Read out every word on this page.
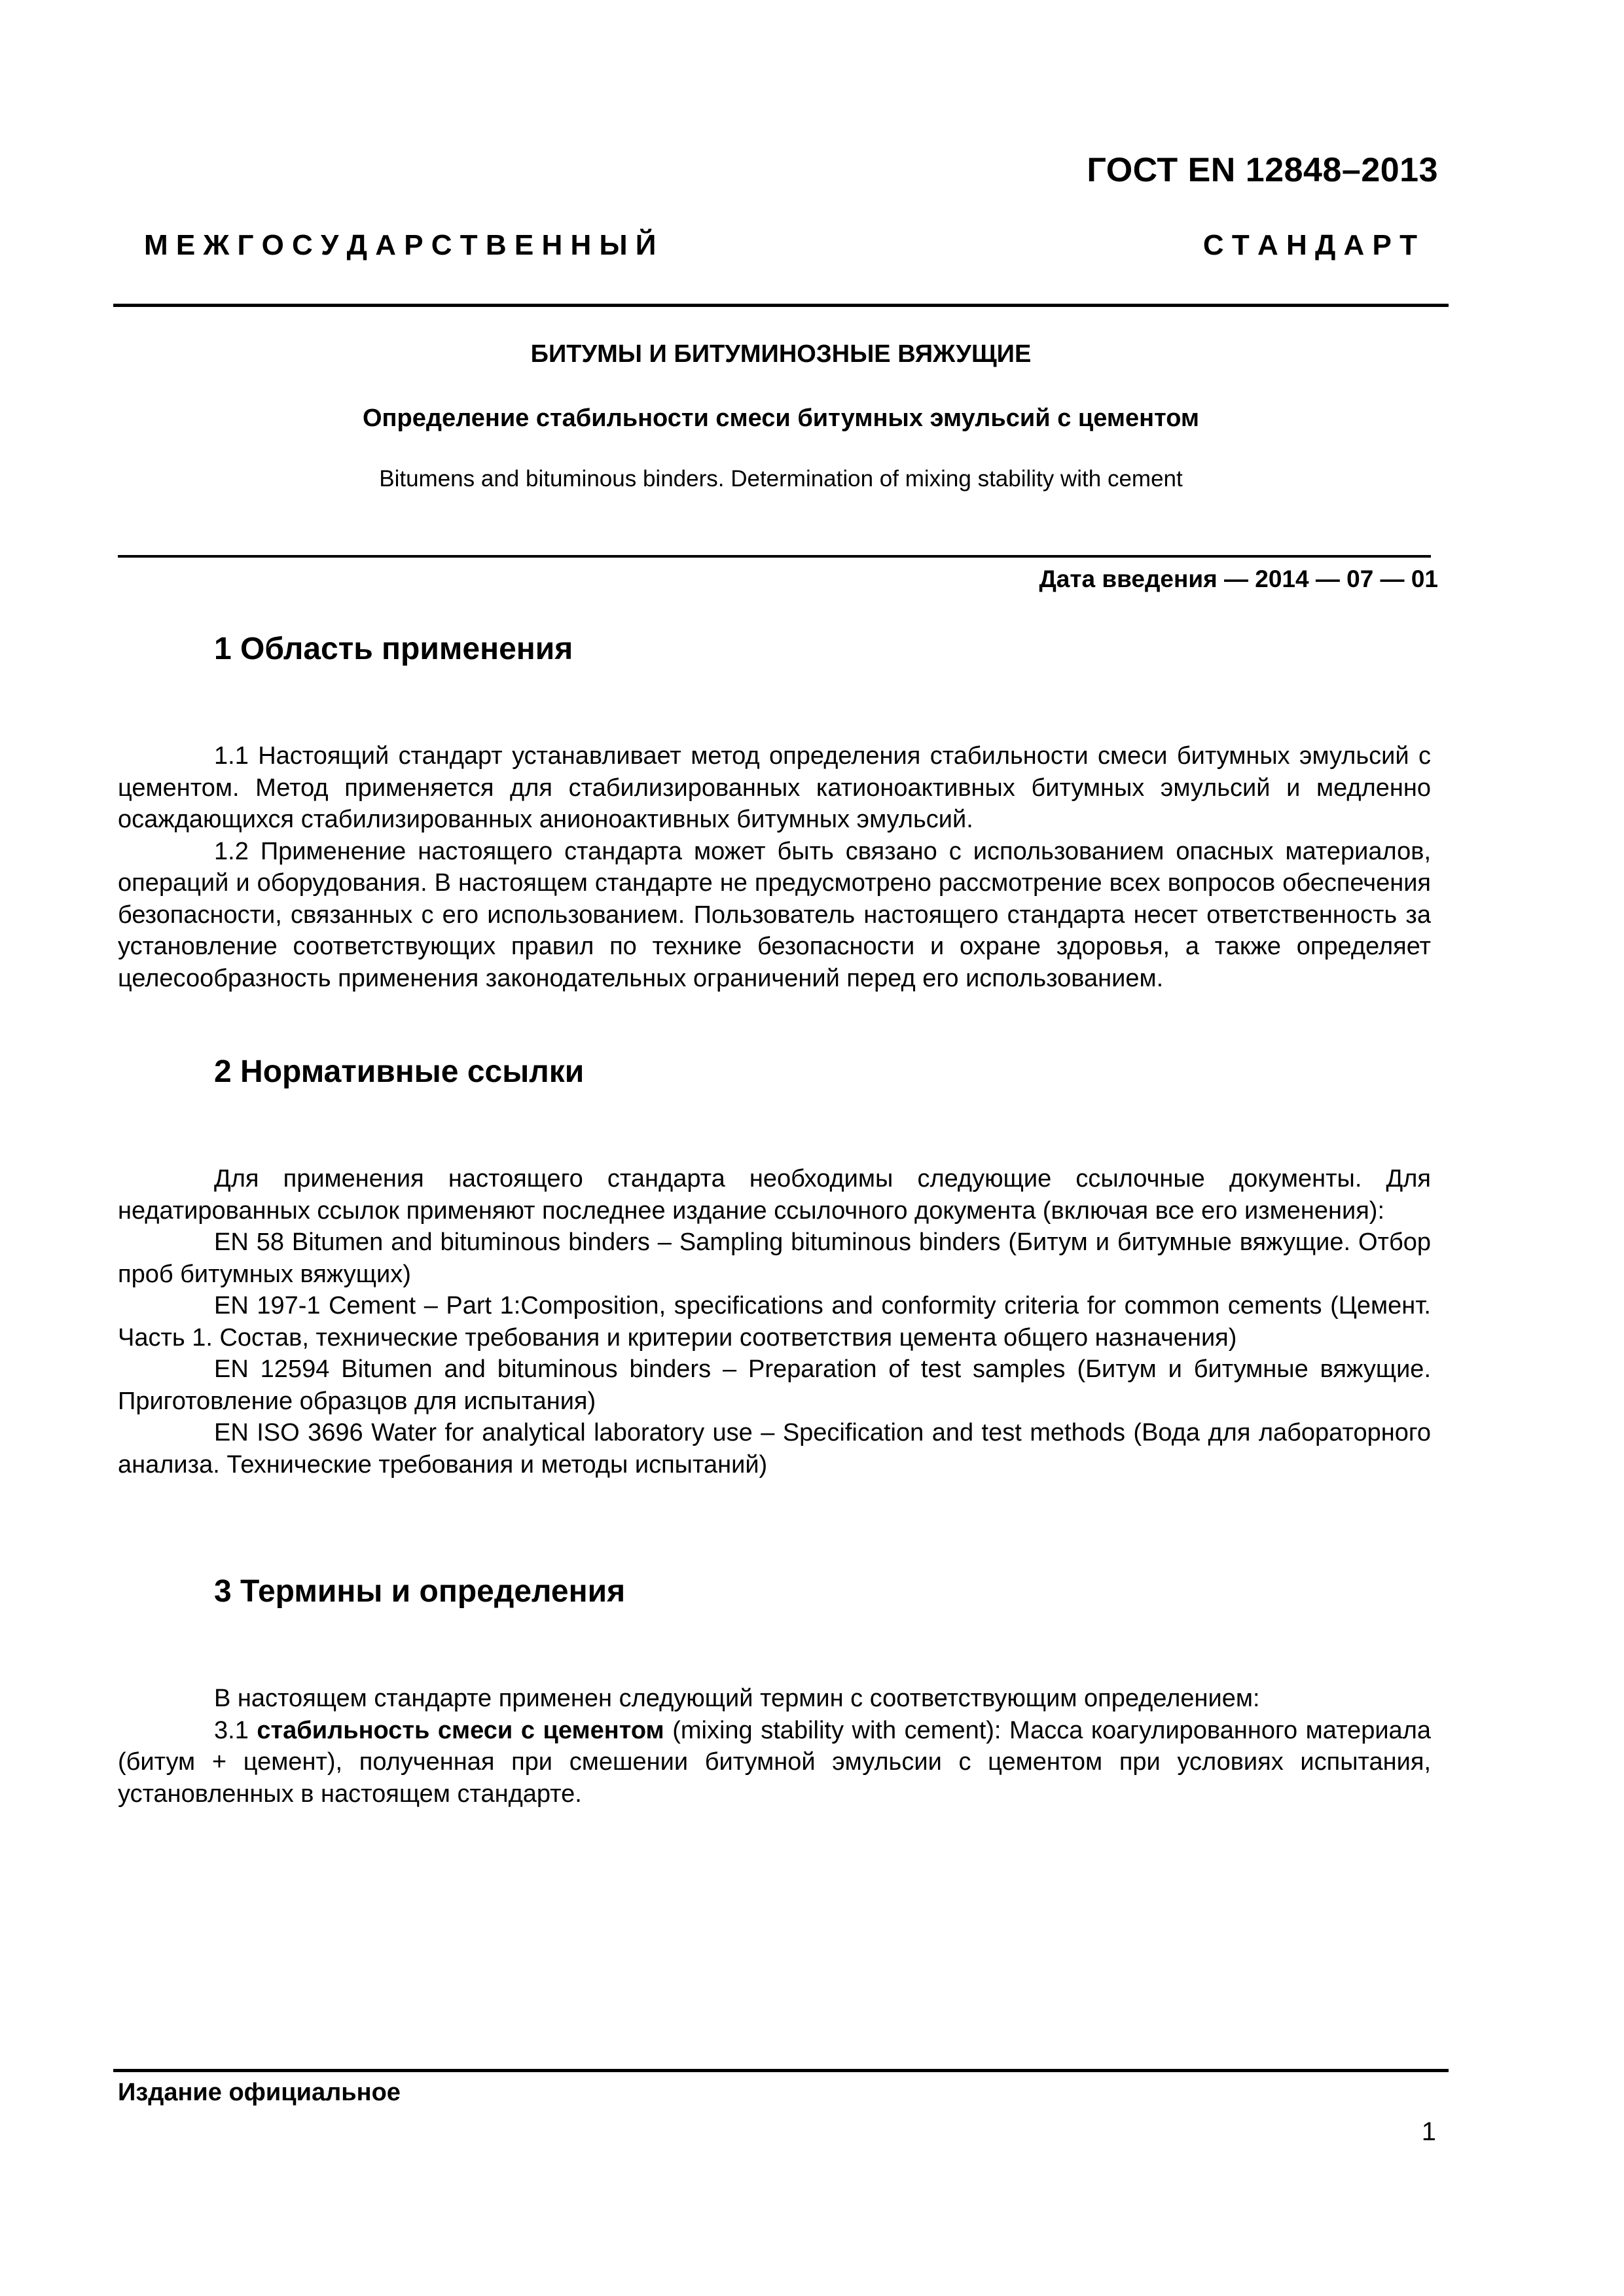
ГОСТ EN 12848–2013
М Е Ж Г О С У Д А Р С Т В Е Н Н Ы Й	С Т А Н Д А Р Т
БИТУМЫ И БИТУМИНОЗНЫЕ ВЯЖУЩИЕ
Определение стабильности смеси битумных эмульсий с цементом
Bitumens and bituminous binders. Determination of mixing stability with cement
Дата введения — 2014 — 07 — 01
1 Область применения

1.1 Настоящий стандарт устанавливает метод определения стабильности смеси битумных эмульсий с цементом. Метод применяется для стабилизированных катионоактивных битумных эмульсий и медленно осаждающихся стабилизированных анионоактивных битумных эмульсий.

1.2 Применение настоящего стандарта может быть связано с использованием опасных материалов, операций и оборудования. В настоящем стандарте не предусмотрено рассмотрение всех вопросов обеспечения безопасности, связанных с его использованием. Пользователь настоящего стандарта несет ответственность за установление соответствующих правил по технике безопасности и охране здоровья, а также определяет целесообразность применения законодательных ограничений перед его использованием.

2 Нормативные ссылки

Для применения настоящего стандарта необходимы следующие ссылочные документы. Для недатированных ссылок применяют последнее издание ссылочного документа (включая все его изменения):

EN 58 Bitumen and bituminous binders – Sampling bituminous binders (Битум и битумные вяжущие. Отбор проб битумных вяжущих)

EN 197-1 Cement – Part 1:Composition, specifications and conformity criteria for common cements (Цемент. Часть 1. Состав, технические требования и критерии соответствия цемента общего назначения)

EN 12594 Bitumen and bituminous binders – Preparation of test samples (Битум и битумные вяжущие. Приготовление образцов для испытания)

EN ISO 3696 Water for analytical laboratory use – Specification and test methods (Вода для лабораторного анализа. Технические требования и методы испытаний)

3 Термины и определения

В настоящем стандарте применен следующий термин с соответствующим определением:

3.1 стабильность смеси с цементом (mixing stability with cement): Масса коагулированного материала (битум + цемент), полученная при смешении битумной эмульсии с цементом при условиях испытания, установленных в настоящем стандарте.

Издание официальное
1
